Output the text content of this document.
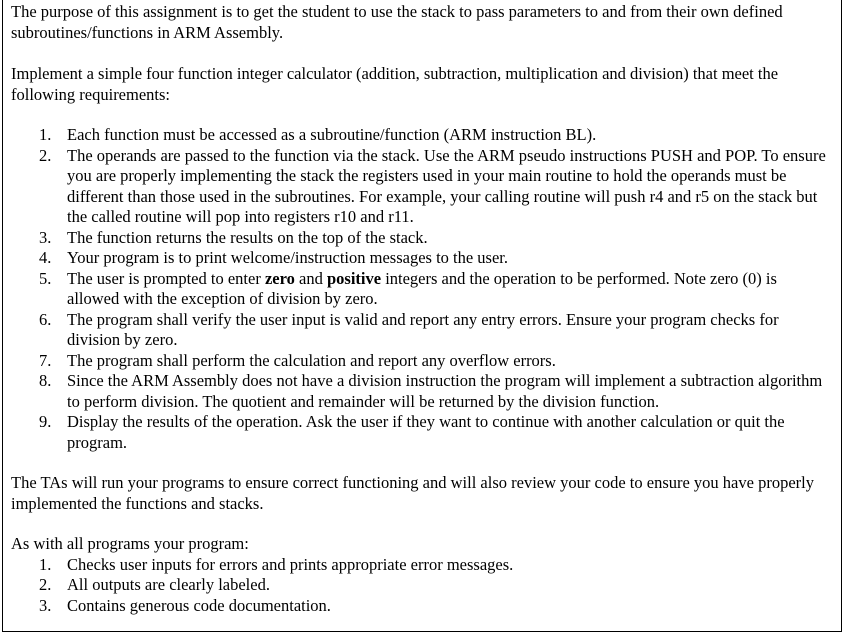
The purpose of this assignment is to get the student to use the stack to pass parameters to and from their own defined subroutines/functions in ARM Assembly.

Implement a simple four function integer calculator (addition, subtraction, multiplication and division) that meet the following requirements:

1. Each function must be accessed as a subroutine/function (ARM instruction BL).
2. The operands are passed to the function via the stack. Use the ARM pseudo instructions PUSH and POP. To ensure you are properly implementing the stack the registers used in your main routine to hold the operands must be different than those used in the subroutines. For example, your calling routine will push r4 and r5 on the stack but the called routine will pop into registers r10 and r11.
3. The function returns the results on the top of the stack.
4. Your program is to print welcome/instruction messages to the user.
5. The user is prompted to enter zero and positive integers and the operation to be performed. Note zero (0) is allowed with the exception of division by zero.
6. The program shall verify the user input is valid and report any entry errors. Ensure your program checks for division by zero.
7. The program shall perform the calculation and report any overflow errors.
8. Since the ARM Assembly does not have a division instruction the program will implement a subtraction algorithm to perform division. The quotient and remainder will be returned by the division function.
9. Display the results of the operation. Ask the user if they want to continue with another calculation or quit the program.

The TAs will run your programs to ensure correct functioning and will also review your code to ensure you have properly implemented the functions and stacks.

As with all programs your program:

1. Checks user inputs for errors and prints appropriate error messages.
2. All outputs are clearly labeled.
3. Contains generous code documentation.
